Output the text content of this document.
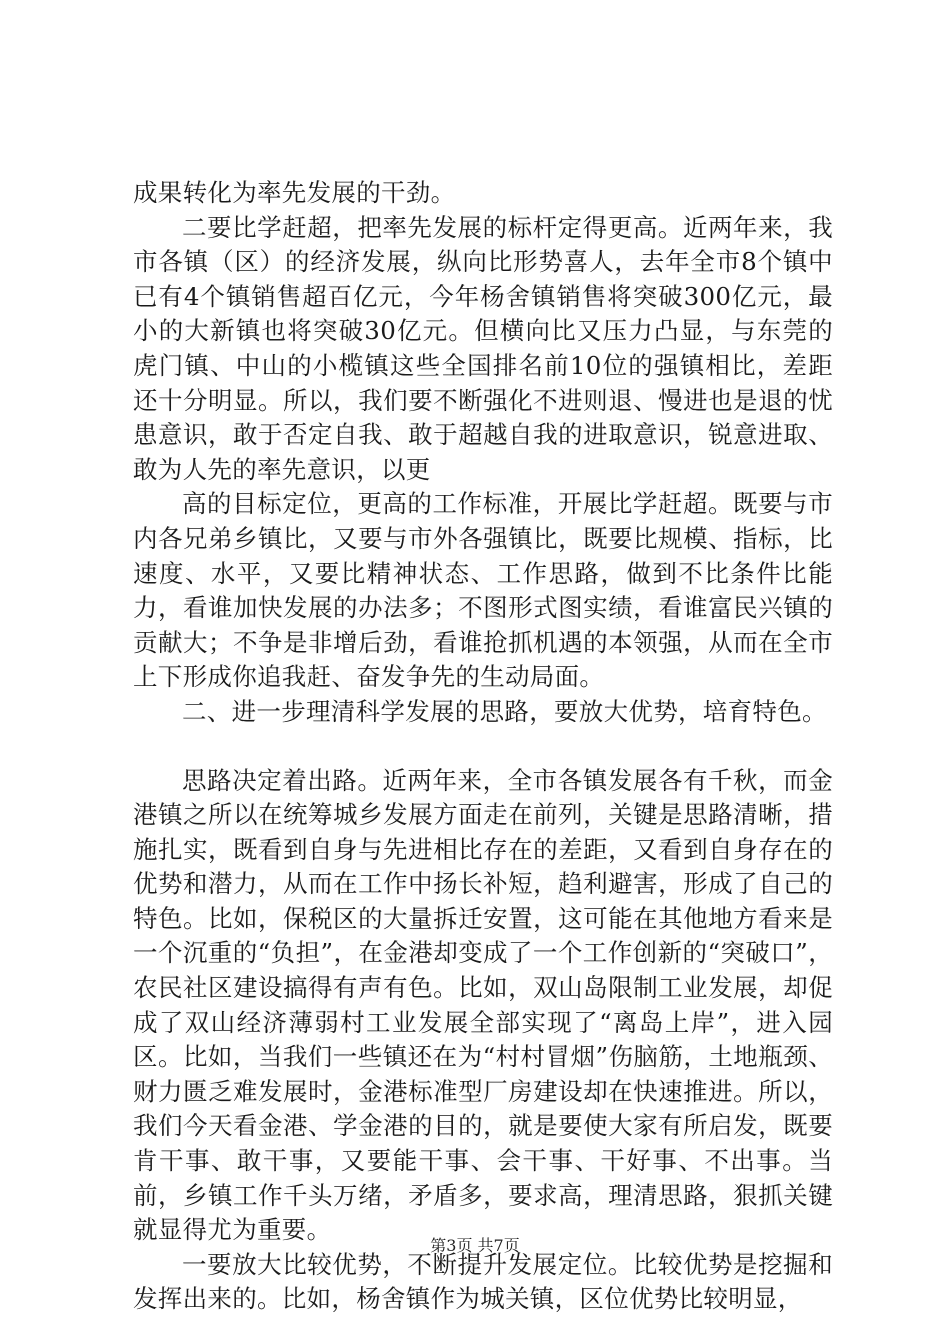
成果转化为率先发展的干劲。

二要比学赶超，把率先发展的标杆定得更高。近两年来，我市各镇（区）的经济发展，纵向比形势喜人，去年全市8个镇中已有4个镇销售超百亿元，今年杨舍镇销售将突破300亿元，最小的大新镇也将突破30亿元。但横向比又压力凸显，与东莞的虎门镇、中山的小榄镇这些全国排名前10位的强镇相比，差距还十分明显。所以，我们要不断强化不进则退、慢进也是退的忧患意识，敢于否定自我、敢于超越自我的进取意识，锐意进取、敢为人先的率先意识，以更

高的目标定位，更高的工作标准，开展比学赶超。既要与市内各兄弟乡镇比，又要与市外各强镇比，既要比规模、指标，比速度、水平，又要比精神状态、工作思路，做到不比条件比能力，看谁加快发展的办法多；不图形式图实绩，看谁富民兴镇的贡献大；不争是非增后劲，看谁抢抓机遇的本领强，从而在全市上下形成你追我赶、奋发争先的生动局面。

二、进一步理清科学发展的思路，要放大优势，培育特色。

思路决定着出路。近两年来，全市各镇发展各有千秋，而金港镇之所以在统筹城乡发展方面走在前列，关键是思路清晰，措施扎实，既看到自身与先进相比存在的差距，又看到自身存在的优势和潜力，从而在工作中扬长补短，趋利避害，形成了自己的特色。比如，保税区的大量拆迁安置，这可能在其他地方看来是一个沉重的“负担”，在金港却变成了一个工作创新的“突破口”，农民社区建设搞得有声有色。比如，双山岛限制工业发展，却促成了双山经济薄弱村工业发展全部实现了“离岛上岸”，进入园区。比如，当我们一些镇还在为“村村冒烟”伤脑筋，土地瓶颈、财力匮乏难发展时，金港标准型厂房建设却在快速推进。所以，我们今天看金港、学金港的目的，就是要使大家有所启发，既要肯干事、敢干事，又要能干事、会干事、干好事、不出事。当前，乡镇工作千头万绪，矛盾多，要求高，理清思路，狠抓关键就显得尤为重要。

一要放大比较优势，不断提升发展定位。比较优势是挖掘和发挥出来的。比如，杨舍镇作为城关镇，区位优势比较明显，

第3页 共7页
